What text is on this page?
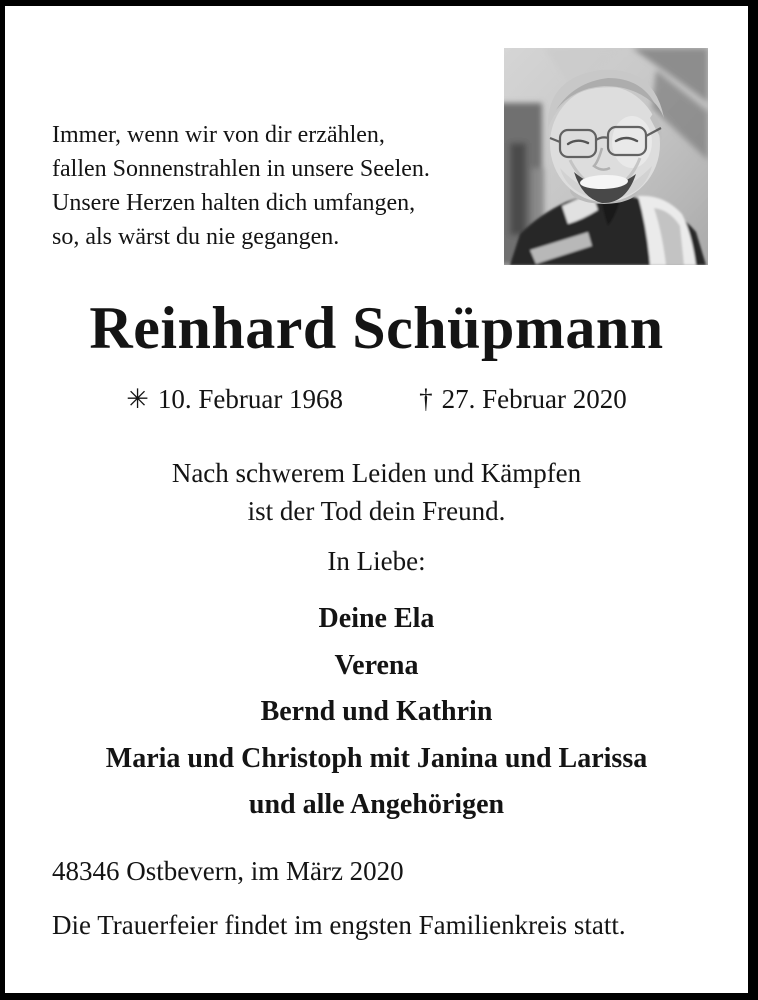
Immer, wenn wir von dir erzählen,
fallen Sonnenstrahlen in unsere Seelen.
Unsere Herzen halten dich umfangen,
so, als wärst du nie gegangen.
Reinhard Schüpmann
✳ 10. Februar 1968	† 27. Februar 2020
Nach schwerem Leiden und Kämpfen
ist der Tod dein Freund.
In Liebe:
Deine Ela
Verena
Bernd und Kathrin
Maria und Christoph mit Janina und Larissa
und alle Angehörigen
48346 Ostbevern, im März 2020
Die Trauerfeier findet im engsten Familienkreis statt.
